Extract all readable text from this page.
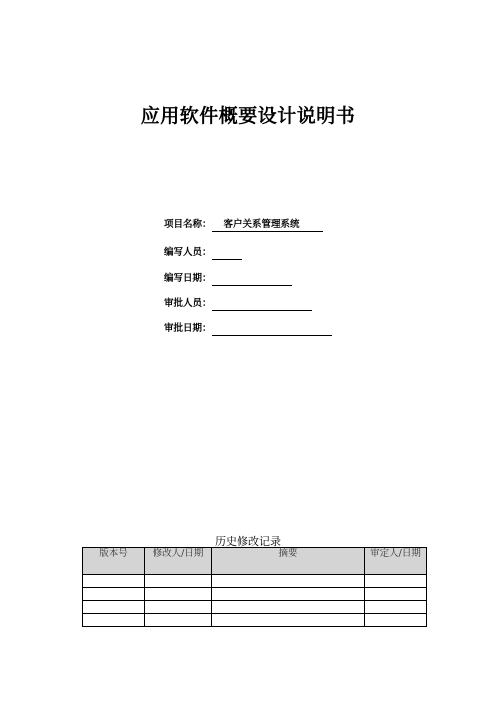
应用软件概要设计说明书
项目名称： 客户关系管理系统
编写人员：
编写日期：
审批人员：
审批日期：
历史修改记录
版本号	修改人/日期	摘要	审定人/日期
